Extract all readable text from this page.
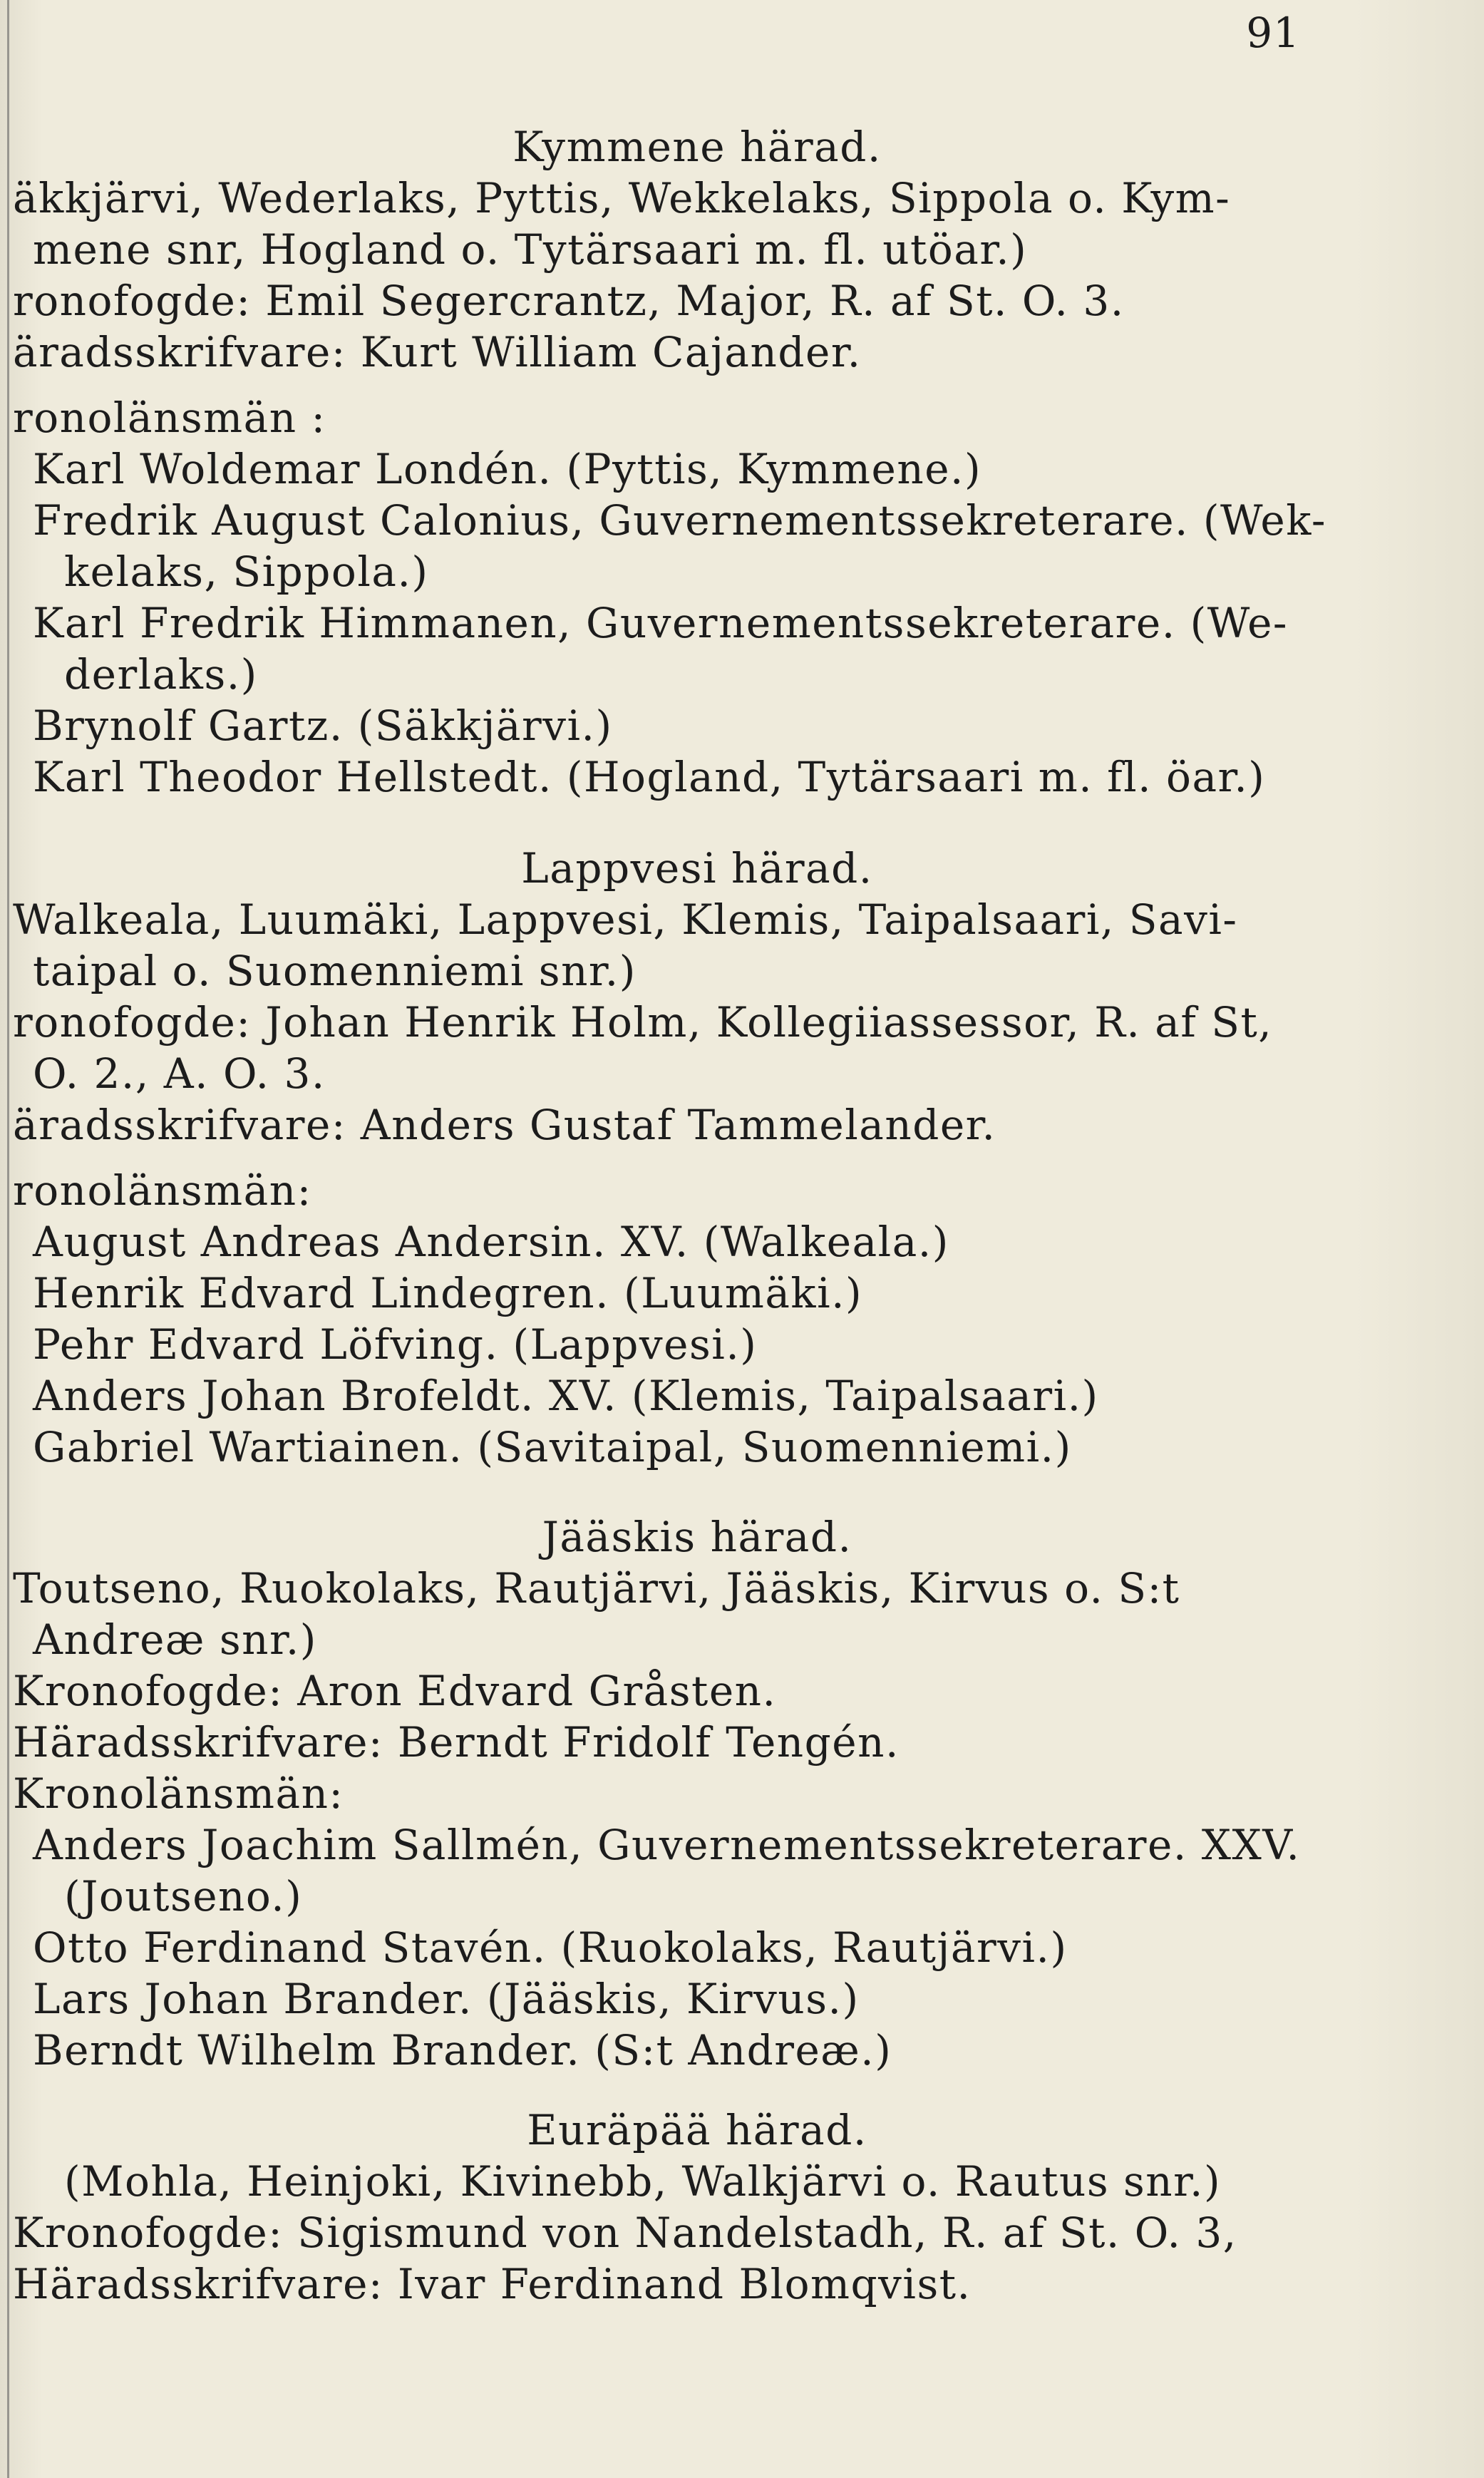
91
Kymmene härad.
äkkjärvi, Wederlaks, Pyttis, Wekkelaks, Sippola o. Kym-
mene snr, Hogland o. Tytärsaari m. fl. utöar.)
ronofogde: Emil Segercrantz, Major, R. af St. O. 3.
äradsskrifvare: Kurt William Cajander.
ronolänsmän :
Karl Woldemar Londén. (Pyttis, Kymmene.)
Fredrik August Calonius, Guvernementssekreterare. (Wek-
kelaks, Sippola.)
Karl Fredrik Himmanen, Guvernementssekreterare. (We-
derlaks.)
Brynolf Gartz. (Säkkjärvi.)
Karl Theodor Hellstedt. (Hogland, Tytärsaari m. fl. öar.)
Lappvesi härad.
Walkeala, Luumäki, Lappvesi, Klemis, Taipalsaari, Savi-
taipal o. Suomenniemi snr.)
ronofogde: Johan Henrik Holm, Kollegiiassessor, R. af St,
O. 2., A. O. 3.
äradsskrifvare: Anders Gustaf Tammelander.
ronolänsmän:
August Andreas Andersin. XV. (Walkeala.)
Henrik Edvard Lindegren. (Luumäki.)
Pehr Edvard Löfving. (Lappvesi.)
Anders Johan Brofeldt. XV. (Klemis, Taipalsaari.)
Gabriel Wartiainen. (Savitaipal, Suomenniemi.)
Jääskis härad.
Toutseno, Ruokolaks, Rautjärvi, Jääskis, Kirvus o. S:t
Andreæ snr.)
Kronofogde: Aron Edvard Gråsten.
Häradsskrifvare: Berndt Fridolf Tengén.
Kronolänsmän:
Anders Joachim Sallmén, Guvernementssekreterare. XXV.
(Joutseno.)
Otto Ferdinand Stavén. (Ruokolaks, Rautjärvi.)
Lars Johan Brander. (Jääskis, Kirvus.)
Berndt Wilhelm Brander. (S:t Andreæ.)
Euräpää härad.
(Mohla, Heinjoki, Kivinebb, Walkjärvi o. Rautus snr.)
Kronofogde: Sigismund von Nandelstadh, R. af St. O. 3,
Häradsskrifvare: Ivar Ferdinand Blomqvist.
